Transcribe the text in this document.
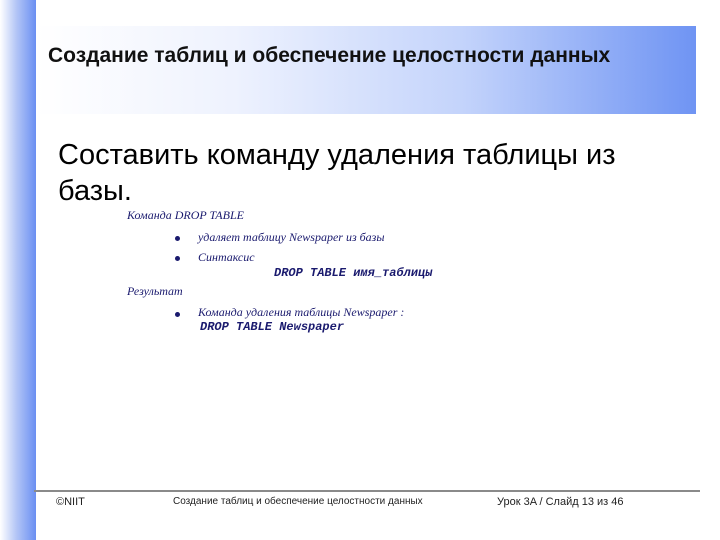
Создание таблиц и обеспечение целостности данных
Составить команду удаления таблицы из базы.
Команда DROP TABLE
удаляет таблицу Newspaper из базы
Синтаксис
DROP TABLE имя_таблицы
Результат
Команда удаления таблицы Newspaper :
DROP TABLE Newspaper
©NIIT	Создание таблиц и обеспечение целостности данных	Урок 3A / Слайд 13 из 46
